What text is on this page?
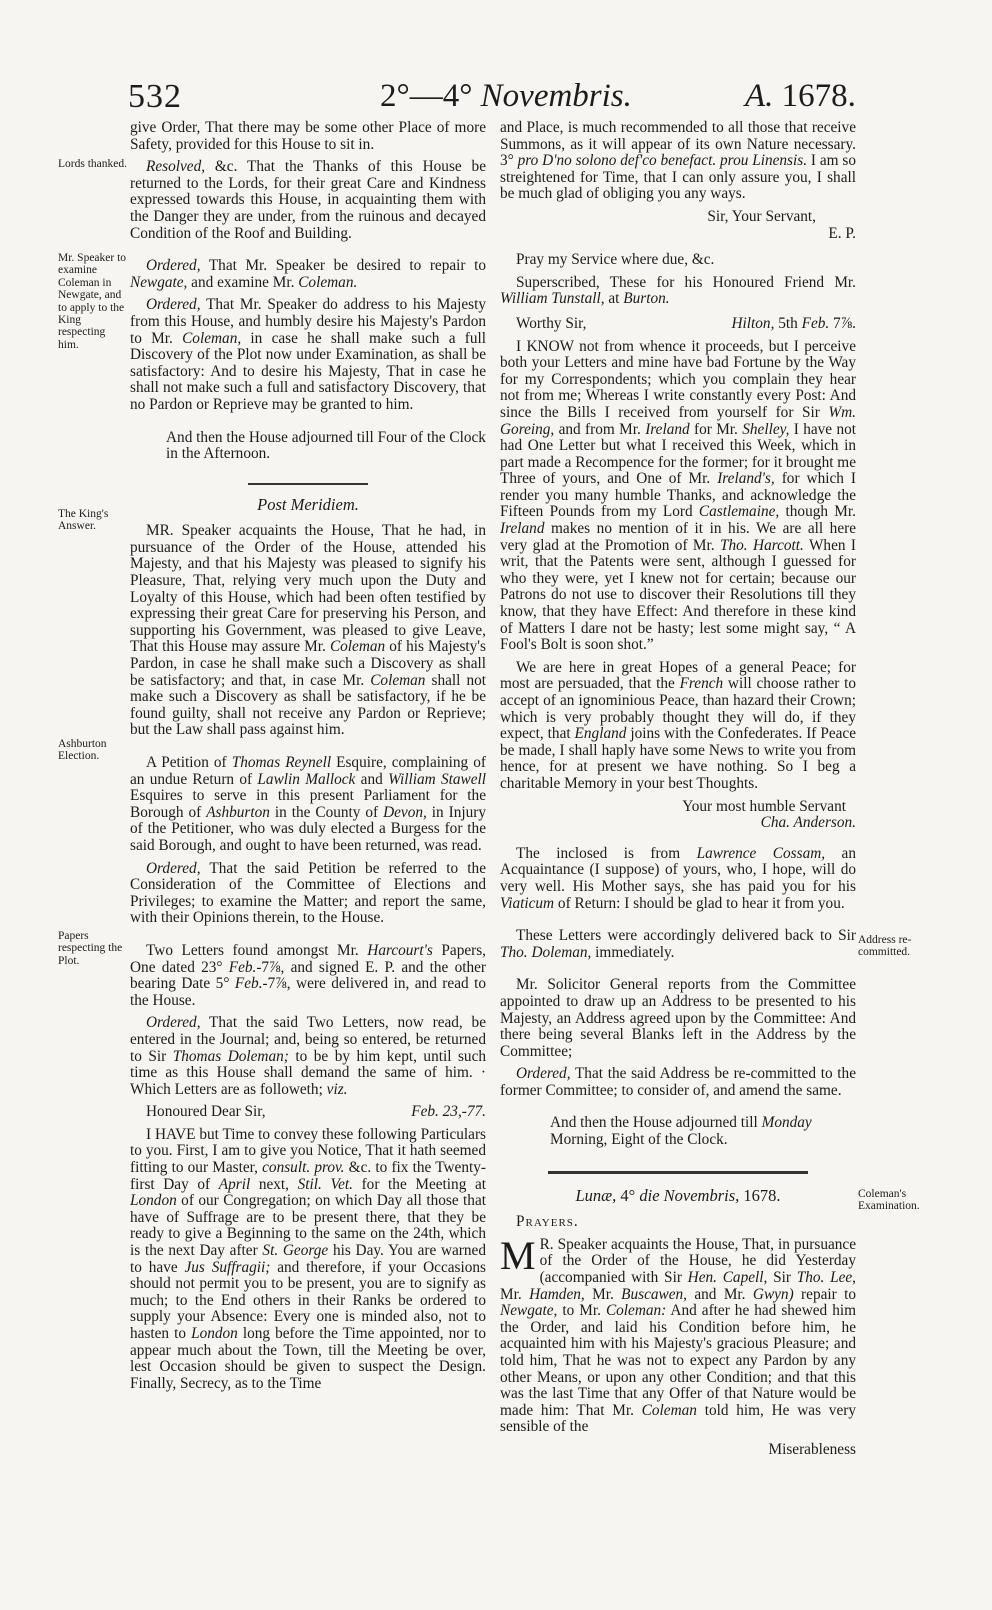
532	2°—4° Novembris.	A. 1678.
Lords thanked.
Mr. Speaker to examine Coleman in Newgate, and to apply to the King respecting him.
The King's Answer.
Ashburton Election.
Papers respecting the Plot.
Address re-committed.
Coleman's Examination.

give Order, That there may be some other Place of more Safety, provided for this House to sit in.

Resolved, &c. That the Thanks of this House be returned to the Lords, for their great Care and Kindness expressed towards this House, in acquainting them with the Danger they are under, from the ruinous and decayed Condition of the Roof and Building.

Ordered, That Mr. Speaker be desired to repair to Newgate, and examine Mr. Coleman.

Ordered, That Mr. Speaker do address to his Majesty from this House, and humbly desire his Majesty's Pardon to Mr. Coleman, in case he shall make such a full Discovery of the Plot now under Examination, as shall be satisfactory: And to desire his Majesty, That in case he shall not make such a full and satisfactory Discovery, that no Pardon or Reprieve may be granted to him.

And then the House adjourned till Four of the Clock in the Afternoon.

Post Meridiem.

MR. Speaker acquaints the House, That he had, in pursuance of the Order of the House, attended his Majesty, and that his Majesty was pleased to signify his Pleasure, That, relying very much upon the Duty and Loyalty of this House, which had been often testified by expressing their great Care for preserving his Person, and supporting his Government, was pleased to give Leave, That this House may assure Mr. Coleman of his Majesty's Pardon, in case he shall make such a Discovery as shall be satisfactory; and that, in case Mr. Coleman shall not make such a Discovery as shall be satisfactory, if he be found guilty, shall not receive any Pardon or Reprieve; but the Law shall pass against him.

A Petition of Thomas Reynell Esquire, complaining of an undue Return of Lawlin Mallock and William Stawell Esquires to serve in this present Parliament for the Borough of Ashburton in the County of Devon, in Injury of the Petitioner, who was duly elected a Burgess for the said Borough, and ought to have been returned, was read.

Ordered, That the said Petition be referred to the Consideration of the Committee of Elections and Privileges; to examine the Matter; and report the same, with their Opinions therein, to the House.

Two Letters found amongst Mr. Harcourt's Papers, One dated 23° Feb.-7⅞, and signed E. P. and the other bearing Date 5° Feb.-7⅞, were delivered in, and read to the House.

Ordered, That the said Two Letters, now read, be entered in the Journal; and, being so entered, be returned to Sir Thomas Doleman; to be by him kept, until such time as this House shall demand the same of him. · Which Letters are as followeth; viz.

Honoured Dear Sir,	Feb. 23,-77.

I HAVE but Time to convey these following Particulars to you. First, I am to give you Notice, That it hath seemed fitting to our Master, consult. prov. &c. to fix the Twenty-first Day of April next, Stil. Vet. for the Meeting at London of our Congregation; on which Day all those that have of Suffrage are to be present there, that they be ready to give a Beginning to the same on the 24th, which is the next Day after St. George his Day. You are warned to have Jus Suffragii; and therefore, if your Occasions should not permit you to be present, you are to signify as much; to the End others in their Ranks be ordered to supply your Absence: Every one is minded also, not to hasten to London long before the Time appointed, nor to appear much about the Town, till the Meeting be over, lest Occasion should be given to suspect the Design. Finally, Secrecy, as to the Time

and Place, is much recommended to all those that receive Summons, as it will appear of its own Nature necessary. 3° pro D'no solono def'co benefact. prou Linensis. I am so streightened for Time, that I can only assure you, I shall be much glad of obliging you any ways.

Sir, Your Servant,

E. P.

Pray my Service where due, &c.

Superscribed, These for his Honoured Friend Mr. William Tunstall, at Burton.

Worthy Sir,	Hilton, 5th Feb. 7⅞.

I KNOW not from whence it proceeds, but I perceive both your Letters and mine have bad Fortune by the Way for my Correspondents; which you complain they hear not from me; Whereas I write constantly every Post: And since the Bills I received from yourself for Sir Wm. Goreing, and from Mr. Ireland for Mr. Shelley, I have not had One Letter but what I received this Week, which in part made a Recompence for the former; for it brought me Three of yours, and One of Mr. Ireland's, for which I render you many humble Thanks, and acknowledge the Fifteen Pounds from my Lord Castlemaine, though Mr. Ireland makes no mention of it in his. We are all here very glad at the Promotion of Mr. Tho. Harcott. When I writ, that the Patents were sent, although I guessed for who they were, yet I knew not for certain; because our Patrons do not use to discover their Resolutions till they know, that they have Effect: And therefore in these kind of Matters I dare not be hasty; lest some might say, “ A Fool's Bolt is soon shot.”

We are here in great Hopes of a general Peace; for most are persuaded, that the French will choose rather to accept of an ignominious Peace, than hazard their Crown; which is very probably thought they will do, if they expect, that England joins with the Confederates. If Peace be made, I shall haply have some News to write you from hence, for at present we have nothing. So I beg a charitable Memory in your best Thoughts.

Your most humble Servant

Cha. Anderson.

The inclosed is from Lawrence Cossam, an Acquaintance (I suppose) of yours, who, I hope, will do very well. His Mother says, she has paid you for his Viaticum of Return: I should be glad to hear it from you.

These Letters were accordingly delivered back to Sir Tho. Doleman, immediately.

Mr. Solicitor General reports from the Committee appointed to draw up an Address to be presented to his Majesty, an Address agreed upon by the Committee: And there being several Blanks left in the Address by the Committee;

Ordered, That the said Address be re-committed to the former Committee; to consider of, and amend the same.

And then the House adjourned till Monday Morning, Eight of the Clock.

Lunæ, 4° die Novembris, 1678.

Prayers.

M R. Speaker acquaints the House, That, in pursuance of the Order of the House, he did Yesterday (accompanied with Sir Hen. Capell, Sir Tho. Lee, Mr. Hamden, Mr. Buscawen, and Mr. Gwyn) repair to Newgate, to Mr. Coleman: And after he had shewed him the Order, and laid his Condition before him, he acquainted him with his Majesty's gracious Pleasure; and told him, That he was not to expect any Pardon by any other Means, or upon any other Condition; and that this was the last Time that any Offer of that Nature would be made him: That Mr. Coleman told him, He was very sensible of the

Miserableness
